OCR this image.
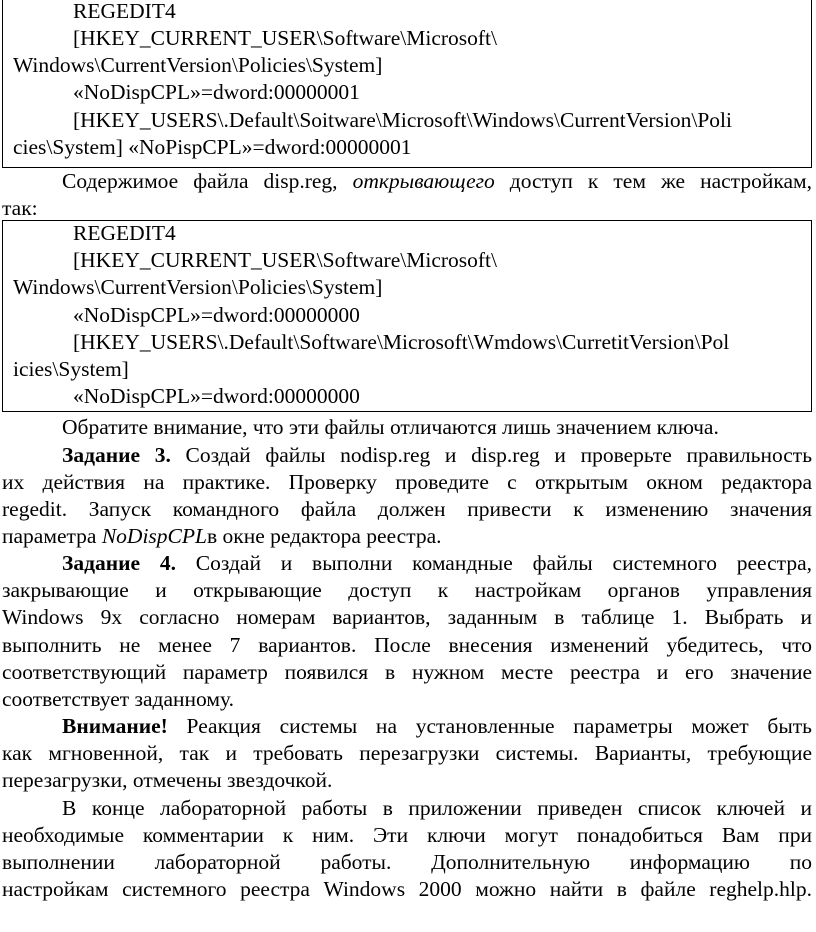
REGEDIT4
[HKEY_CURRENT_USER\Software\Microsoft\
Windows\CurrentVersion\Policies\System]
«NoDispCPL»=dword:00000001
[HKEY_USERS\.Default\Soitware\Microsoft\Windows\CurrentVersion\Poli
cies\System] «NoPispCPL»=dword:00000001
Содержимое файла disp.reg, открывающего доступ к тем же настройкам,
так:
REGEDIT4
[HKEY_CURRENT_USER\Software\Microsoft\
Windows\CurrentVersion\Policies\System]
«NoDispCPL»=dword:00000000
[HKEY_USERS\.Default\Software\Microsoft\Wmdows\CurretitVersion\Pol
icies\System]
«NoDispCPL»=dword:00000000
Обратите внимание, что эти файлы отличаются лишь значением ключа.
Задание 3. Создай файлы nodisp.reg и disp.reg и проверьте правильность
их действия на практике. Проверку проведите с открытым окном редактора
regedit. Запуск командного файла должен привести к изменению значения
параметра NoDispCPLв окне редактора реестра.
Задание 4. Создай и выполни командные файлы системного реестра,
закрывающие и открывающие доступ к настройкам органов управления
Windows 9x согласно номерам вариантов, заданным в таблице 1. Выбрать и
выполнить не менее 7 вариантов. После внесения изменений убедитесь, что
соответствующий параметр появился в нужном месте реестра и его значение
соответствует заданному.
Внимание! Реакция системы на установленные параметры может быть
как мгновенной, так и требовать перезагрузки системы. Варианты, требующие
перезагрузки, отмечены звездочкой.
В конце лабораторной работы в приложении приведен список ключей и
необходимые комментарии к ним. Эти ключи могут понадобиться Вам при
выполнении лабораторной работы. Дополнительную информацию по
настройкам системного реестра Windows 2000 можно найти в файле reghelp.hlp.
